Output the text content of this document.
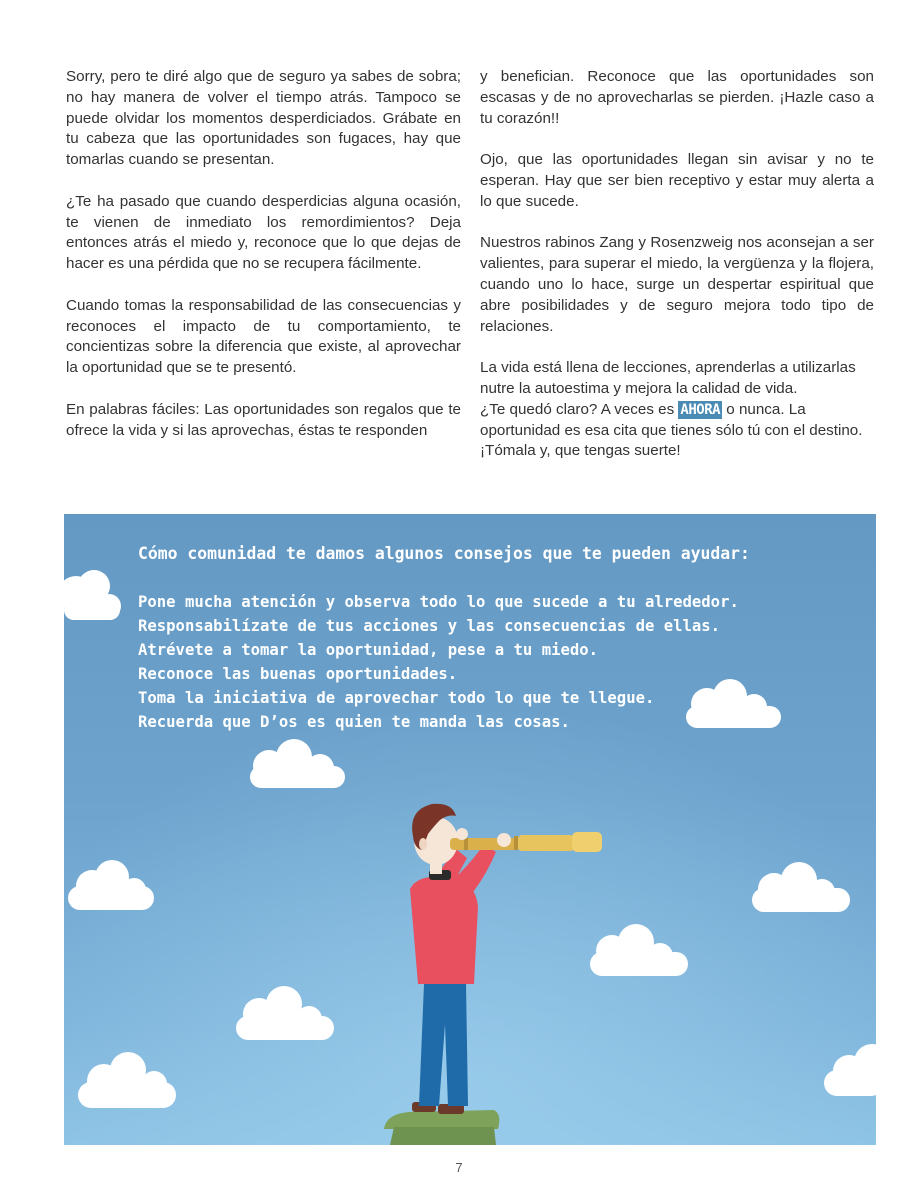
Sorry, pero te diré algo que de seguro ya sabes de sobra; no hay manera de volver el tiempo atrás. Tampoco se puede olvidar los momentos desperdiciados. Grábate en tu cabeza que las oportunidades son fugaces, hay que tomarlas cuando se presentan.

¿Te ha pasado que cuando desperdicias alguna ocasión, te vienen de inmediato los remordimientos? Deja entonces atrás el miedo y, reconoce que lo que dejas de hacer es una pérdida que no se recupera fácilmente.

Cuando tomas la responsabilidad de las consecuencias y reconoces el impacto de tu comportamiento, te concientizas sobre la diferencia que existe, al aprovechar la oportunidad que se te presentó.

En palabras fáciles: Las oportunidades son regalos que te ofrece la vida y si las aprovechas, éstas te responden

y benefician. Reconoce que las oportunidades son escasas y de no aprovecharlas se pierden. ¡Hazle caso a tu corazón!!

Ojo, que las oportunidades llegan sin avisar y no te esperan. Hay que ser bien receptivo y estar muy alerta a lo que sucede.

Nuestros rabinos Zang y Rosenzweig nos aconsejan a ser valientes, para superar el miedo, la vergüenza y la flojera, cuando uno lo hace, surge un despertar espiritual que abre posibilidades y de seguro mejora todo tipo de relaciones.

La vida está llena de lecciones, aprenderlas a utilizarlas nutre la autoestima y mejora la calidad de vida.

¿Te quedó claro? A veces es AHORA o nunca. La oportunidad es esa cita que tienes sólo tú con el destino. ¡Tómala y, que tengas suerte!

Cómo comunidad te damos algunos consejos que te pueden ayudar:
Pone mucha atención y observa todo lo que sucede a tu alrededor.
Responsabilízate de tus acciones y las consecuencias de ellas.
Atrévete a tomar la oportunidad, pese a tu miedo.
Reconoce las buenas oportunidades.
Toma la iniciativa de aprovechar todo lo que te llegue.
Recuerda que D’os es quien te manda las cosas.
7
